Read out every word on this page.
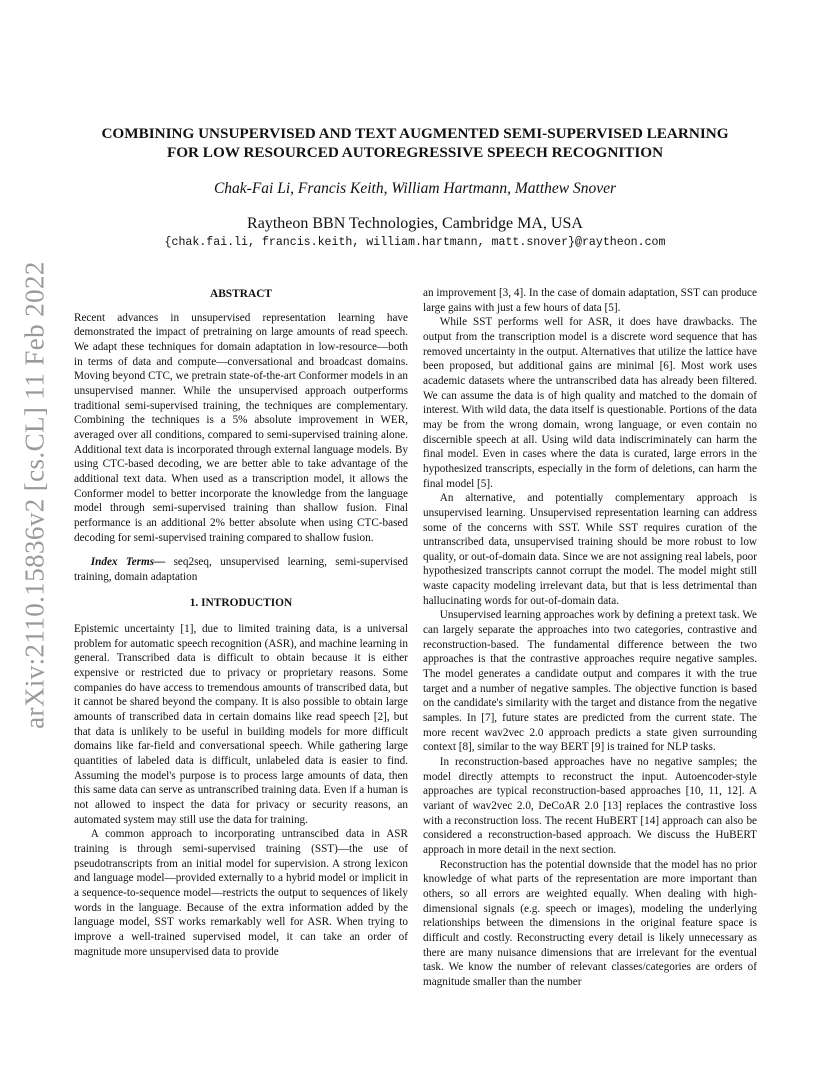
arXiv:2110.15836v2 [cs.CL] 11 Feb 2022

COMBINING UNSUPERVISED AND TEXT AUGMENTED SEMI-SUPERVISED LEARNING

FOR LOW RESOURCED AUTOREGRESSIVE SPEECH RECOGNITION

Chak-Fai Li, Francis Keith, William Hartmann, Matthew Snover
Raytheon BBN Technologies, Cambridge MA, USA
{chak.fai.li, francis.keith, william.hartmann, matt.snover}@raytheon.com
ABSTRACT

Recent advances in unsupervised representation learning have demonstrated the impact of pretraining on large amounts of read speech. We adapt these techniques for domain adaptation in low-resource—both in terms of data and compute—conversational and broadcast domains. Moving beyond CTC, we pretrain state-of-the-art Conformer models in an unsupervised manner. While the unsupervised approach outperforms traditional semi-supervised training, the techniques are complementary. Combining the techniques is a 5% absolute improvement in WER, averaged over all conditions, compared to semi-supervised training alone. Additional text data is incorporated through external language models. By using CTC-based decoding, we are better able to take advantage of the additional text data. When used as a transcription model, it allows the Conformer model to better incorporate the knowledge from the language model through semi-supervised training than shallow fusion. Final performance is an additional 2% better absolute when using CTC-based decoding for semi-supervised training compared to shallow fusion.

Index Terms— seq2seq, unsupervised learning, semi-supervised training, domain adaptation

1. INTRODUCTION

Epistemic uncertainty [1], due to limited training data, is a universal problem for automatic speech recognition (ASR), and machine learning in general. Transcribed data is difficult to obtain because it is either expensive or restricted due to privacy or proprietary reasons. Some companies do have access to tremendous amounts of transcribed data, but it cannot be shared beyond the company. It is also possible to obtain large amounts of transcribed data in certain domains like read speech [2], but that data is unlikely to be useful in building models for more difficult domains like far-field and conversational speech. While gathering large quantities of labeled data is difficult, unlabeled data is easier to find. Assuming the model's purpose is to process large amounts of data, then this same data can serve as untranscribed training data. Even if a human is not allowed to inspect the data for privacy or security reasons, an automated system may still use the data for training.

A common approach to incorporating untranscibed data in ASR training is through semi-supervised training (SST)—the use of pseudotranscripts from an initial model for supervision. A strong lexicon and language model—provided externally to a hybrid model or implicit in a sequence-to-sequence model—restricts the output to sequences of likely words in the language. Because of the extra information added by the language model, SST works remarkably well for ASR. When trying to improve a well-trained supervised model, it can take an order of magnitude more unsupervised data to provide

an improvement [3, 4]. In the case of domain adaptation, SST can produce large gains with just a few hours of data [5].

While SST performs well for ASR, it does have drawbacks. The output from the transcription model is a discrete word sequence that has removed uncertainty in the output. Alternatives that utilize the lattice have been proposed, but additional gains are minimal [6]. Most work uses academic datasets where the untranscribed data has already been filtered. We can assume the data is of high quality and matched to the domain of interest. With wild data, the data itself is questionable. Portions of the data may be from the wrong domain, wrong language, or even contain no discernible speech at all. Using wild data indiscriminately can harm the final model. Even in cases where the data is curated, large errors in the hypothesized transcripts, especially in the form of deletions, can harm the final model [5].

An alternative, and potentially complementary approach is unsupervised learning. Unsupervised representation learning can address some of the concerns with SST. While SST requires curation of the untranscribed data, unsupervised training should be more robust to low quality, or out-of-domain data. Since we are not assigning real labels, poor hypothesized transcripts cannot corrupt the model. The model might still waste capacity modeling irrelevant data, but that is less detrimental than hallucinating words for out-of-domain data.

Unsupervised learning approaches work by defining a pretext task. We can largely separate the approaches into two categories, contrastive and reconstruction-based. The fundamental difference between the two approaches is that the contrastive approaches require negative samples. The model generates a candidate output and compares it with the true target and a number of negative samples. The objective function is based on the candidate's similarity with the target and distance from the negative samples. In [7], future states are predicted from the current state. The more recent wav2vec 2.0 approach predicts a state given surrounding context [8], similar to the way BERT [9] is trained for NLP tasks.

In reconstruction-based approaches have no negative samples; the model directly attempts to reconstruct the input. Autoencoder-style approaches are typical reconstruction-based approaches [10, 11, 12]. A variant of wav2vec 2.0, DeCoAR 2.0 [13] replaces the contrastive loss with a reconstruction loss. The recent HuBERT [14] approach can also be considered a reconstruction-based approach. We discuss the HuBERT approach in more detail in the next section.

Reconstruction has the potential downside that the model has no prior knowledge of what parts of the representation are more important than others, so all errors are weighted equally. When dealing with high-dimensional signals (e.g. speech or images), modeling the underlying relationships between the dimensions in the original feature space is difficult and costly. Reconstructing every detail is likely unnecessary as there are many nuisance dimensions that are irrelevant for the eventual task. We know the number of relevant classes/categories are orders of magnitude smaller than the number
